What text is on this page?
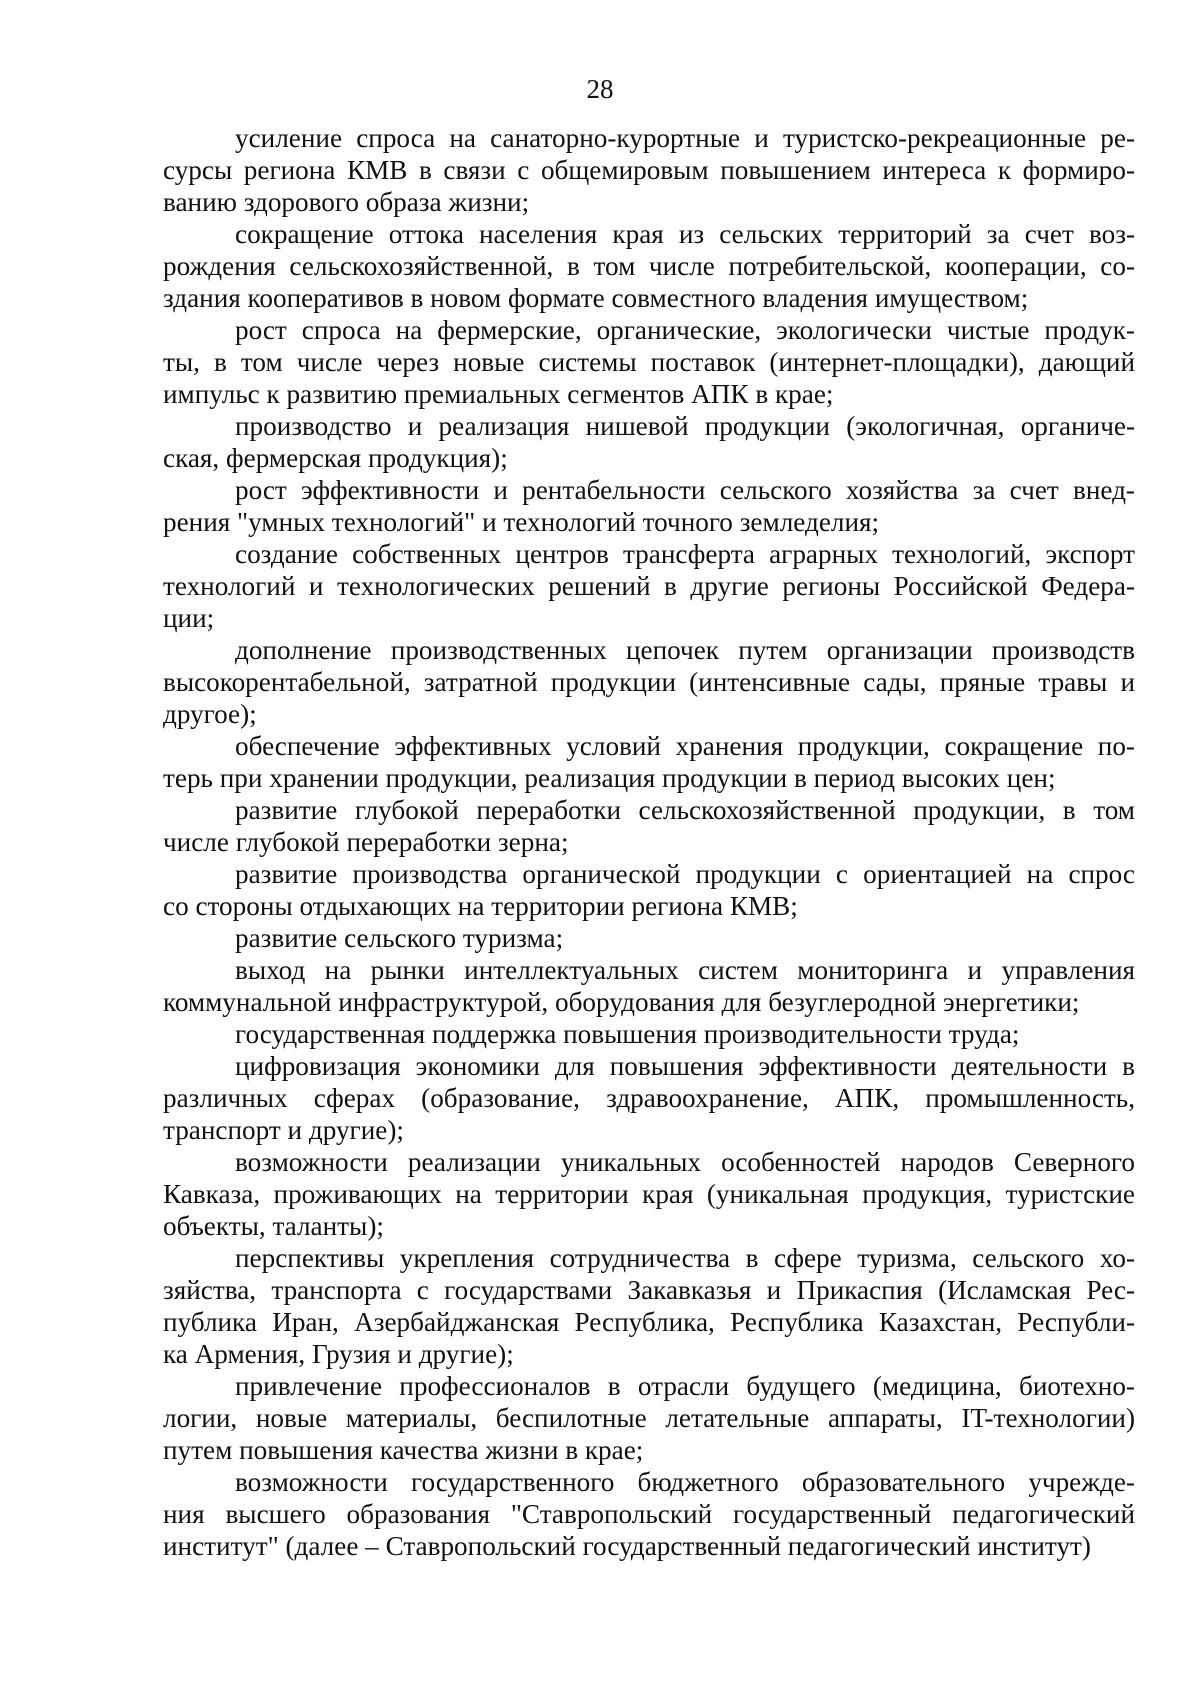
28
усиление спроса на санаторно-курортные и туристско-рекреационные ре-
сурсы региона КМВ в связи с общемировым повышением интереса к формиро-
ванию здорового образа жизни;
сокращение оттока населения края из сельских территорий за счет воз-
рождения сельскохозяйственной, в том числе потребительской, кооперации, со-
здания кооперативов в новом формате совместного владения имуществом;
рост спроса на фермерские, органические, экологически чистые продук-
ты, в том числе через новые системы поставок (интернет-площадки), дающий
импульс к развитию премиальных сегментов АПК в крае;
производство и реализация нишевой продукции (экологичная, органиче-
ская, фермерская продукция);
рост эффективности и рентабельности сельского хозяйства за счет внед-
рения "умных технологий" и технологий точного земледелия;
создание собственных центров трансферта аграрных технологий, экспорт
технологий и технологических решений в другие регионы Российской Федера-
ции;
дополнение производственных цепочек путем организации производств
высокорентабельной, затратной продукции (интенсивные сады, пряные травы и
другое);
обеспечение эффективных условий хранения продукции, сокращение по-
терь при хранении продукции, реализация продукции в период высоких цен;
развитие глубокой переработки сельскохозяйственной продукции, в том
числе глубокой переработки зерна;
развитие производства органической продукции с ориентацией на спрос
со стороны отдыхающих на территории региона КМВ;
развитие сельского туризма;
выход на рынки интеллектуальных систем мониторинга и управления
коммунальной инфраструктурой, оборудования для безуглеродной энергетики;
государственная поддержка повышения производительности труда;
цифровизация экономики для повышения эффективности деятельности в
различных сферах (образование, здравоохранение, АПК, промышленность,
транспорт и другие);
возможности реализации уникальных особенностей народов Северного
Кавказа, проживающих на территории края (уникальная продукция, туристские
объекты, таланты);
перспективы укрепления сотрудничества в сфере туризма, сельского хо-
зяйства, транспорта с государствами Закавказья и Прикаспия (Исламская Рес-
публика Иран, Азербайджанская Республика, Республика Казахстан, Республи-
ка Армения, Грузия и другие);
привлечение профессионалов в отрасли будущего (медицина, биотехно-
логии, новые материалы, беспилотные летательные аппараты, IT-технологии)
путем повышения качества жизни в крае;
возможности государственного бюджетного образовательного учрежде-
ния высшего образования "Ставропольский государственный педагогический
институт" (далее – Ставропольский государственный педагогический институт)
